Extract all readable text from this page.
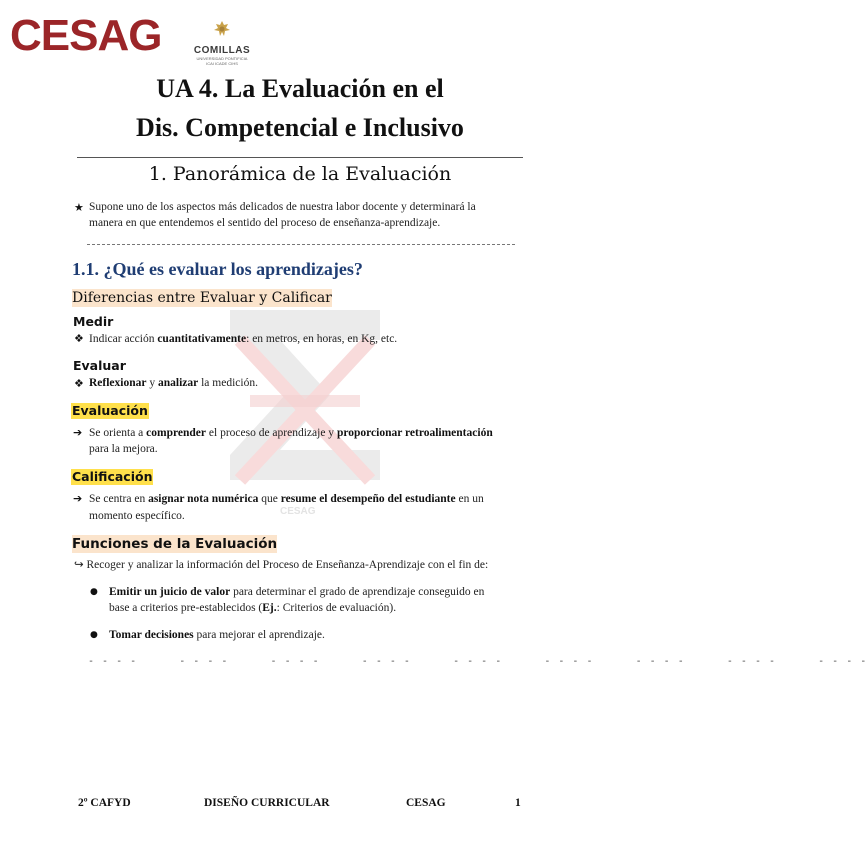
CESAG	COMILLAS
UNIVERSIDAD PONTIFICIA
ICAI ICADE CIHS
CESAG
UA 4. La Evaluación en el
Dis. Competencial e Inclusivo
1. Panorámica de la Evaluación
★ Supone uno de los aspectos más delicados de nuestra labor docente y determinará la
manera en que entendemos el sentido del proceso de enseñanza-aprendizaje.
1.1. ¿Qué es evaluar los aprendizajes?
Diferencias entre Evaluar y Calificar
Medir
❖ Indicar acción cuantitativamente: en metros, en horas, en Kg, etc.
Evaluar
❖ Reflexionar y analizar la medición.
Evaluación
➔ Se orienta a comprender el proceso de aprendizaje y proporcionar retroalimentación
para la mejora.
Calificación
➔ Se centra en asignar nota numérica que resume el desempeño del estudiante en un
momento específico.
Funciones de la Evaluación
↪ Recoger y analizar la información del Proceso de Enseñanza-Aprendizaje con el fin de:
● Emitir un juicio de valor para determinar el grado de aprendizaje conseguido en
base a criterios pre-establecidos (Ej.: Criterios de evaluación).
● Tomar decisiones para mejorar el aprendizaje.
- - - -      - - - -      - - - -      - - - -      - - - -      - - - -      - - - -      - - - -      - - - -
2º CAFYD	DISEÑO CURRICULAR	CESAG	1
